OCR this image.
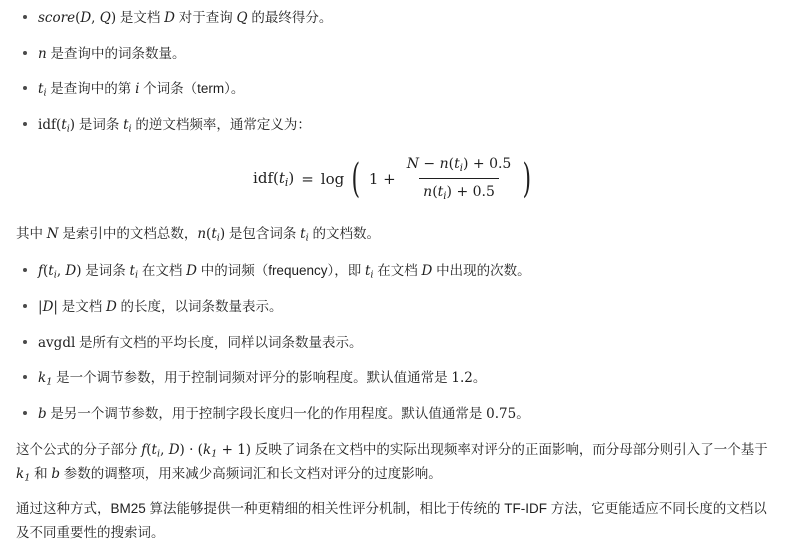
score(D, Q) 是文档 D 对于查询 Q 的最终得分。
n 是查询中的词条数量。
$t_i$ 是查询中的第 i 个词条（term）。
$idf(t_i)$ 是词条 $t_i$ 的逆文档频率，通常定义为：
$idf(t_i) = \log$ ( $1 + \frac{N - n(t_i) + 0.5}{n(t_i) + 0.5}$ )

其中 N 是索引中的文档总数，$n(t_i)$ 是包含词条 $t_i$ 的文档数。

$f(t_i$, D) 是词条 $t_i$ 在文档 D 中的词频（frequency），即 $t_i$ 在文档 D 中出现的次数。
|D| 是文档 D 的长度，以词条数量表示。
avgdl 是所有文档的平均长度，同样以词条数量表示。
$k_1$ 是一个调节参数，用于控制词频对评分的影响程度。默认值通常是 1.2。
b 是另一个调节参数，用于控制字段长度归一化的作用程度。默认值通常是 0.75。

这个公式的分子部分 $f(t_i$, $D) \cdot (k_1 + 1)$ 反映了词条在文档中的实际出现频率对评分的正面影响，而分母部分则引入了一个基于 $k_1$ 和 b 参数的调整项，用来减少高频词汇和长文档对评分的过度影响。

通过这种方式，BM25 算法能够提供一种更精细的相关性评分机制，相比于传统的 TF-IDF 方法，它更能适应不同长度的文档以及不同重要性的搜索词。
